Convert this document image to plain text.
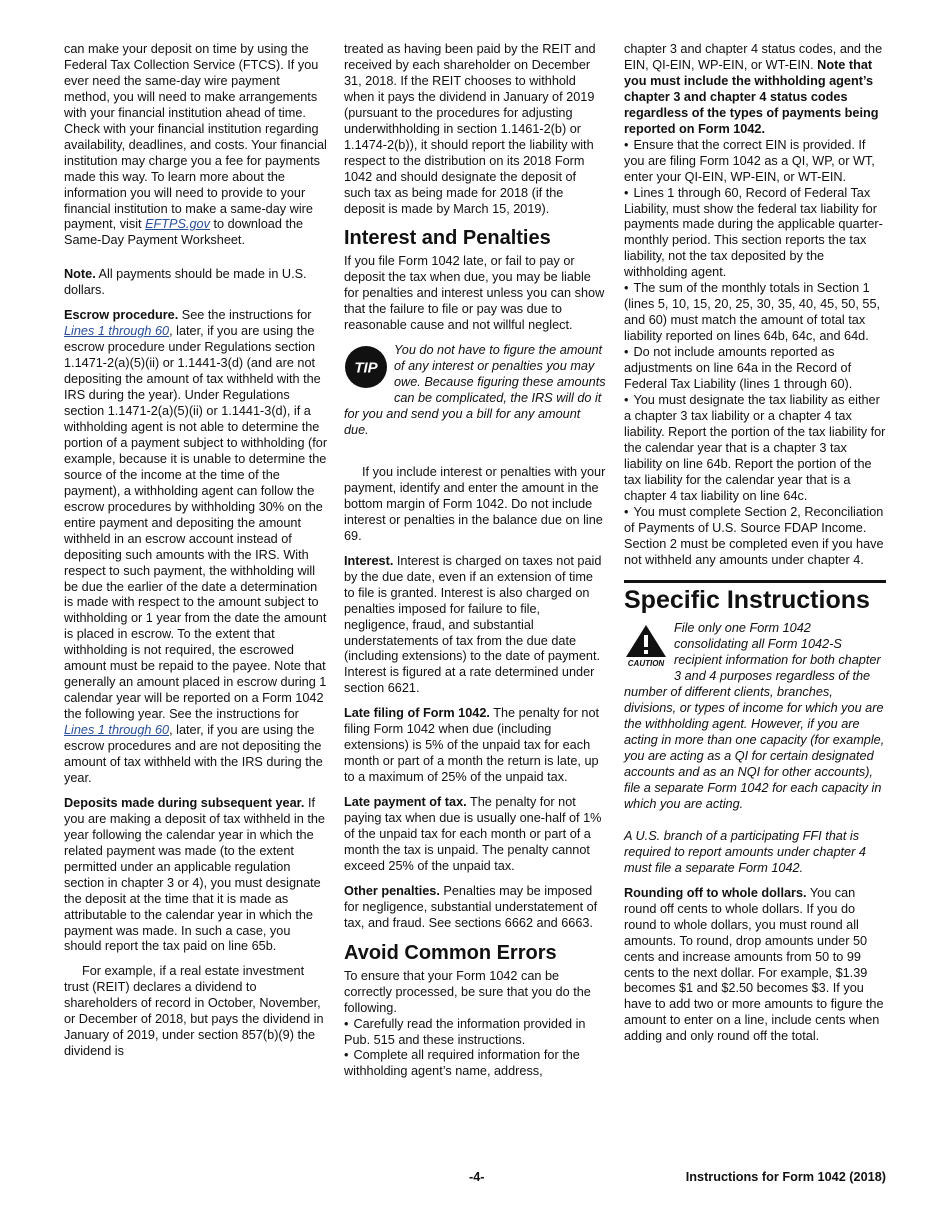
can make your deposit on time by using the Federal Tax Collection Service (FTCS). If you ever need the same-day wire payment method, you will need to make arrangements with your financial institution ahead of time. Check with your financial institution regarding availability, deadlines, and costs. Your financial institution may charge you a fee for payments made this way. To learn more about the information you will need to provide to your financial institution to make a same-day wire payment, visit EFTPS.gov to download the Same-Day Payment Worksheet.

Note. All payments should be made in U.S. dollars.

Escrow procedure. See the instructions for Lines 1 through 60, later, if you are using the escrow procedure under Regulations section 1.1471-2(a)(5)(ii) or 1.1441-3(d) (and are not depositing the amount of tax withheld with the IRS during the year). Under Regulations section 1.1471-2(a)(5)(ii) or 1.1441-3(d), if a withholding agent is not able to determine the portion of a payment subject to withholding (for example, because it is unable to determine the source of the income at the time of the payment), a withholding agent can follow the escrow procedures by withholding 30% on the entire payment and depositing the amount withheld in an escrow account instead of depositing such amounts with the IRS. With respect to such payment, the withholding will be due the earlier of the date a determination is made with respect to the amount subject to withholding or 1 year from the date the amount is placed in escrow. To the extent that withholding is not required, the escrowed amount must be repaid to the payee. Note that generally an amount placed in escrow during 1 calendar year will be reported on a Form 1042 the following year. See the instructions for Lines 1 through 60, later, if you are using the escrow procedures and are not depositing the amount of tax withheld with the IRS during the year.

Deposits made during subsequent year. If you are making a deposit of tax withheld in the year following the calendar year in which the related payment was made (to the extent permitted under an applicable regulation section in chapter 3 or 4), you must designate the deposit at the time that it is made as attributable to the calendar year in which the payment was made. In such a case, you should report the tax paid on line 65b.

For example, if a real estate investment trust (REIT) declares a dividend to shareholders of record in October, November, or December of 2018, but pays the dividend in January of 2019, under section 857(b)(9) the dividend is

treated as having been paid by the REIT and received by each shareholder on December 31, 2018. If the REIT chooses to withhold when it pays the dividend in January of 2019 (pursuant to the procedures for adjusting underwithholding in section 1.1461-2(b) or 1.1474-2(b)), it should report the liability with respect to the distribution on its 2018 Form 1042 and should designate the deposit of such tax as being made for 2018 (if the deposit is made by March 15, 2019).

Interest and Penalties

If you file Form 1042 late, or fail to pay or deposit the tax when due, you may be liable for penalties and interest unless you can show that the failure to file or pay was due to reasonable cause and not willful neglect.

TIP
You do not have to figure the amount of any interest or penalties you may owe. Because figuring these amounts can be complicated, the IRS will do it for you and send you a bill for any amount due.

If you include interest or penalties with your payment, identify and enter the amount in the bottom margin of Form 1042. Do not include interest or penalties in the balance due on line 69.

Interest. Interest is charged on taxes not paid by the due date, even if an extension of time to file is granted. Interest is also charged on penalties imposed for failure to file, negligence, fraud, and substantial understatements of tax from the due date (including extensions) to the date of payment. Interest is figured at a rate determined under section 6621.

Late filing of Form 1042. The penalty for not filing Form 1042 when due (including extensions) is 5% of the unpaid tax for each month or part of a month the return is late, up to a maximum of 25% of the unpaid tax.

Late payment of tax. The penalty for not paying tax when due is usually one-half of 1% of the unpaid tax for each month or part of a month the tax is unpaid. The penalty cannot exceed 25% of the unpaid tax.

Other penalties. Penalties may be imposed for negligence, substantial understatement of tax, and fraud. See sections 6662 and 6663.

Avoid Common Errors

To ensure that your Form 1042 can be correctly processed, be sure that you do the following.

• Carefully read the information provided in Pub. 515 and these instructions.

• Complete all required information for the withholding agent’s name, address,

chapter 3 and chapter 4 status codes, and the EIN, QI-EIN, WP-EIN, or WT-EIN. Note that you must include the withholding agent’s chapter 3 and chapter 4 status codes regardless of the types of payments being reported on Form 1042.

• Ensure that the correct EIN is provided. If you are filing Form 1042 as a QI, WP, or WT, enter your QI-EIN, WP-EIN, or WT-EIN.

• Lines 1 through 60, Record of Federal Tax Liability, must show the federal tax liability for payments made during the applicable quarter-monthly period. This section reports the tax liability, not the tax deposited by the withholding agent.

• The sum of the monthly totals in Section 1 (lines 5, 10, 15, 20, 25, 30, 35, 40, 45, 50, 55, and 60) must match the amount of total tax liability reported on lines 64b, 64c, and 64d.

• Do not include amounts reported as adjustments on line 64a in the Record of Federal Tax Liability (lines 1 through 60).

• You must designate the tax liability as either a chapter 3 tax liability or a chapter 4 tax liability. Report the portion of the tax liability for the calendar year that is a chapter 3 tax liability on line 64b. Report the portion of the tax liability for the calendar year that is a chapter 4 tax liability on line 64c.

• You must complete Section 2, Reconciliation of Payments of U.S. Source FDAP Income. Section 2 must be completed even if you have not withheld any amounts under chapter 4.

Specific Instructions
CAUTION
File only one Form 1042 consolidating all Form 1042-S recipient information for both chapter 3 and 4 purposes regardless of the number of different clients, branches, divisions, or types of income for which you are the withholding agent. However, if you are acting in more than one capacity (for example, you are acting as a QI for certain designated accounts and as an NQI for other accounts), file a separate Form 1042 for each capacity in which you are acting.

A U.S. branch of a participating FFI that is required to report amounts under chapter 4 must file a separate Form 1042.

Rounding off to whole dollars. You can round off cents to whole dollars. If you do round to whole dollars, you must round all amounts. To round, drop amounts under 50 cents and increase amounts from 50 to 99 cents to the next dollar. For example, $1.39 becomes $1 and $2.50 becomes $3. If you have to add two or more amounts to figure the amount to enter on a line, include cents when adding and only round off the total.

-4-	Instructions for Form 1042 (2018)
